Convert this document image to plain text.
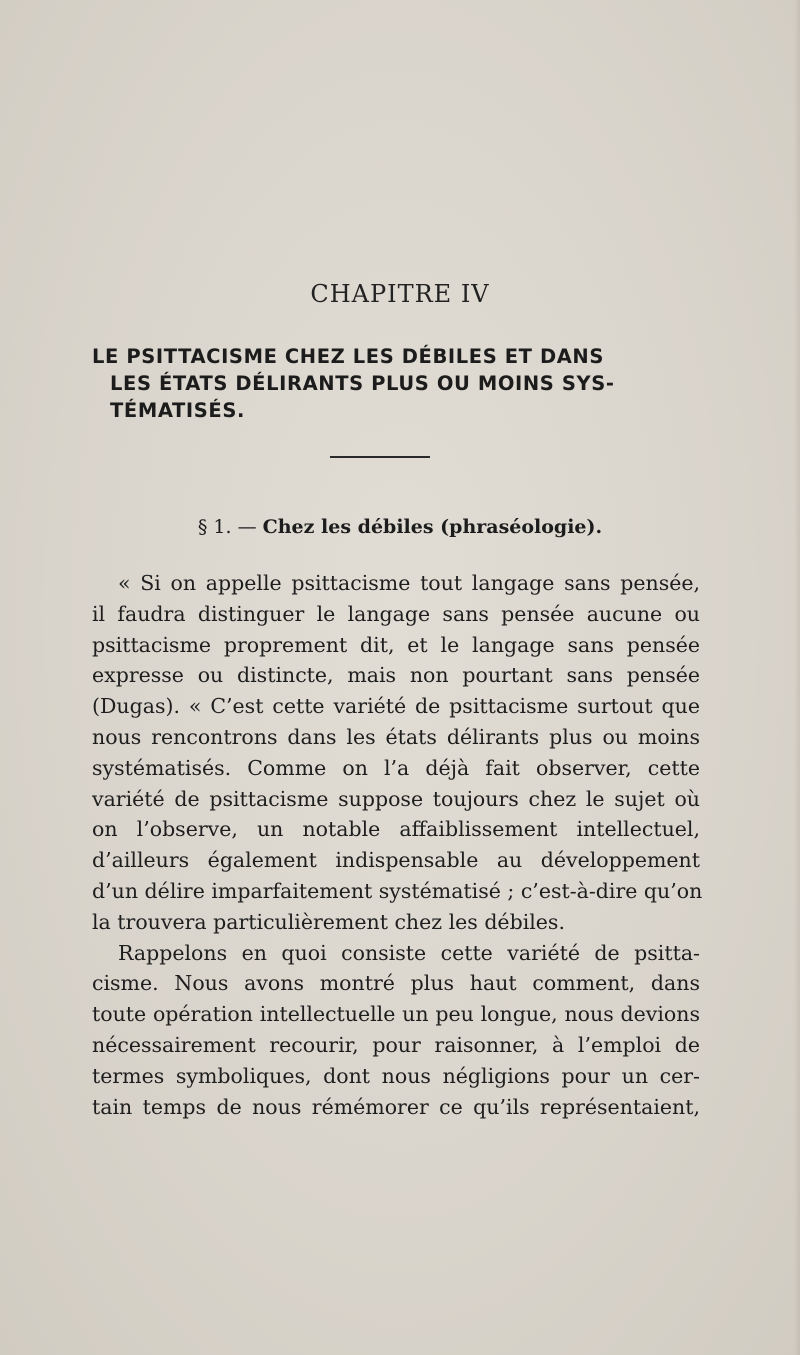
CHAPITRE IV
LE PSITTACISME CHEZ LES DÉBILES ET DANS
LES ÉTATS DÉLIRANTS PLUS OU MOINS SYS-
TÉMATISÉS.
§ 1. — Chez les débiles (phraséologie).
« Si on appelle psittacisme tout langage sans pensée,
il faudra distinguer le langage sans pensée aucune ou
psittacisme proprement dit, et le langage sans pensée
expresse ou distincte, mais non pourtant sans pensée
(Dugas). « C’est cette variété de psittacisme surtout que
nous rencontrons dans les états délirants plus ou moins
systématisés. Comme on l’a déjà fait observer, cette
variété de psittacisme suppose toujours chez le sujet où
on l’observe, un notable affaiblissement intellectuel,
d’ailleurs également indispensable au développement
d’un délire imparfaitement systématisé ; c’est-à-dire qu’on
la trouvera particulièrement chez les débiles.
Rappelons en quoi consiste cette variété de psitta-
cisme. Nous avons montré plus haut comment, dans
toute opération intellectuelle un peu longue, nous devions
nécessairement recourir, pour raisonner, à l’emploi de
termes symboliques, dont nous négligions pour un cer-
tain temps de nous rémémorer ce qu’ils représentaient,
